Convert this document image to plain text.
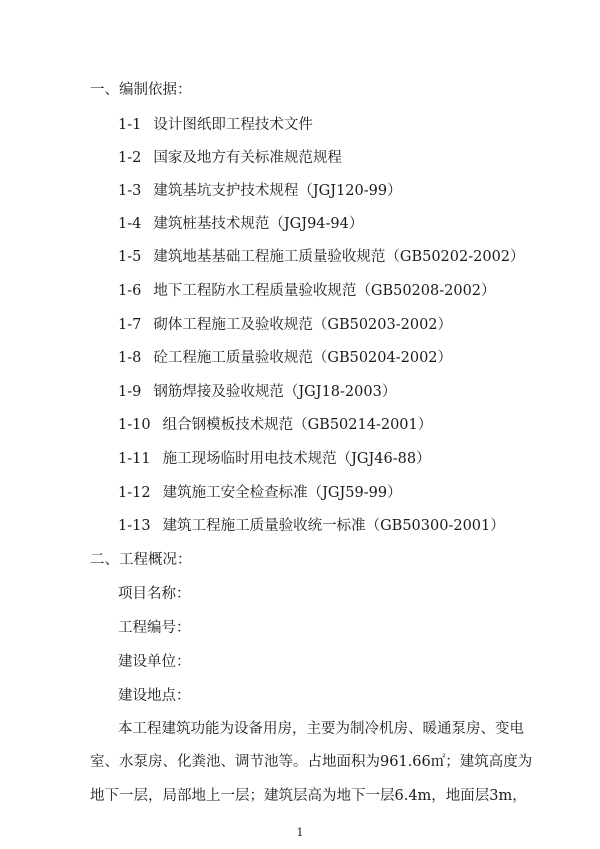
一、编制依据：
1-1 设计图纸即工程技术文件
1-2 国家及地方有关标准规范规程
1-3 建筑基坑支护技术规程（JGJ120-99）
1-4 建筑桩基技术规范（JGJ94-94）
1-5 建筑地基基础工程施工质量验收规范（GB50202-2002）
1-6 地下工程防水工程质量验收规范（GB50208-2002）
1-7 砌体工程施工及验收规范（GB50203-2002）
1-8 砼工程施工质量验收规范（GB50204-2002）
1-9 钢筋焊接及验收规范（JGJ18-2003）
1-10 组合钢模板技术规范（GB50214-2001）
1-11 施工现场临时用电技术规范（JGJ46-88）
1-12 建筑施工安全检查标准（JGJ59-99）
1-13 建筑工程施工质量验收统一标准（GB50300-2001）
二、工程概况：
项目名称：
工程编号：
建设单位：
建设地点：
本工程建筑功能为设备用房，主要为制冷机房、暖通泵房、变电
室、水泵房、化粪池、调节池等。占地面积为961.66㎡；建筑高度为
地下一层，局部地上一层；建筑层高为地下一层6.4m，地面层3m，
1
